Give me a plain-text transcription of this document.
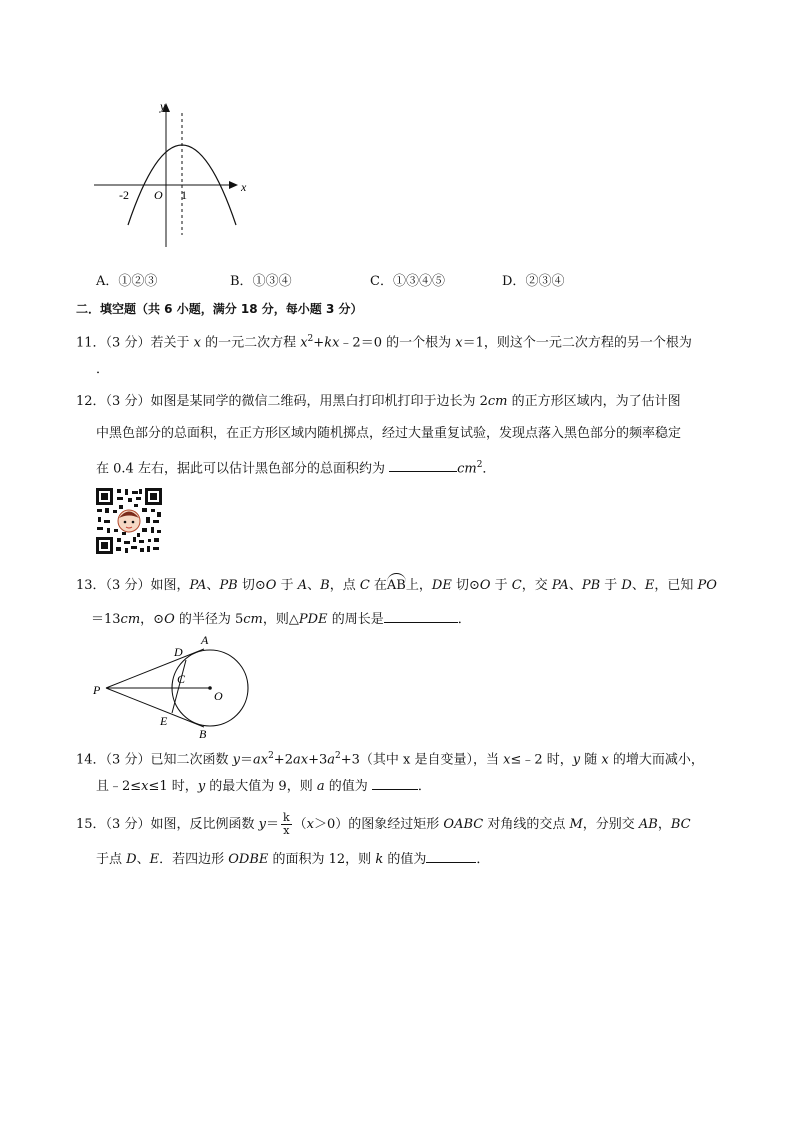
y
x
-2 O 1
A．①②③	B．①③④	C．①③④⑤	D．②③④
二．填空题（共 6 小题，满分 18 分，每小题 3 分）
11．（3 分）若关于 x 的一元二次方程 $x^2+kx﹣2=0$ 的一个根为 x＝1，则这个一元二次方程的另一个根为
．
12．（3 分）如图是某同学的微信二维码，用黑白打印机打印于边长为 2cm 的正方形区域内，为了估计图
中黑色部分的总面积，在正方形区域内随机掷点，经过大量重复试验，发现点落入黑色部分的频率稳定
在 0.4 左右，据此可以估计黑色部分的总面积约为	$cm^2$．
13．（3 分）如图，PA、PB 切⊙O 于 A、B，点 C 在AB上，DE 切⊙O 于 C，交 PA、PB 于 D、E，已知 PO
＝13cm，⊙O 的半径为 5cm，则△PDE 的周长是	．
A
D
C
P	O
E
B
14．（3 分）已知二次函数 $y=ax^2+2ax+3a^2+3$（其中 x 是自变量），当 x≤﹣2 时，y 随 x 的增大而减小，
且﹣2≤x≤1 时，y 的最大值为 9，则 a 的值为	．
15．（3 分）如图，反比例函数 $y= \frac{k}{x} (x>0)$的图象经过矩形 OABC 对角线的交点 M，分别交 AB，BC
于点 D、E．若四边形 ODBE 的面积为 12，则 k 的值为	．
